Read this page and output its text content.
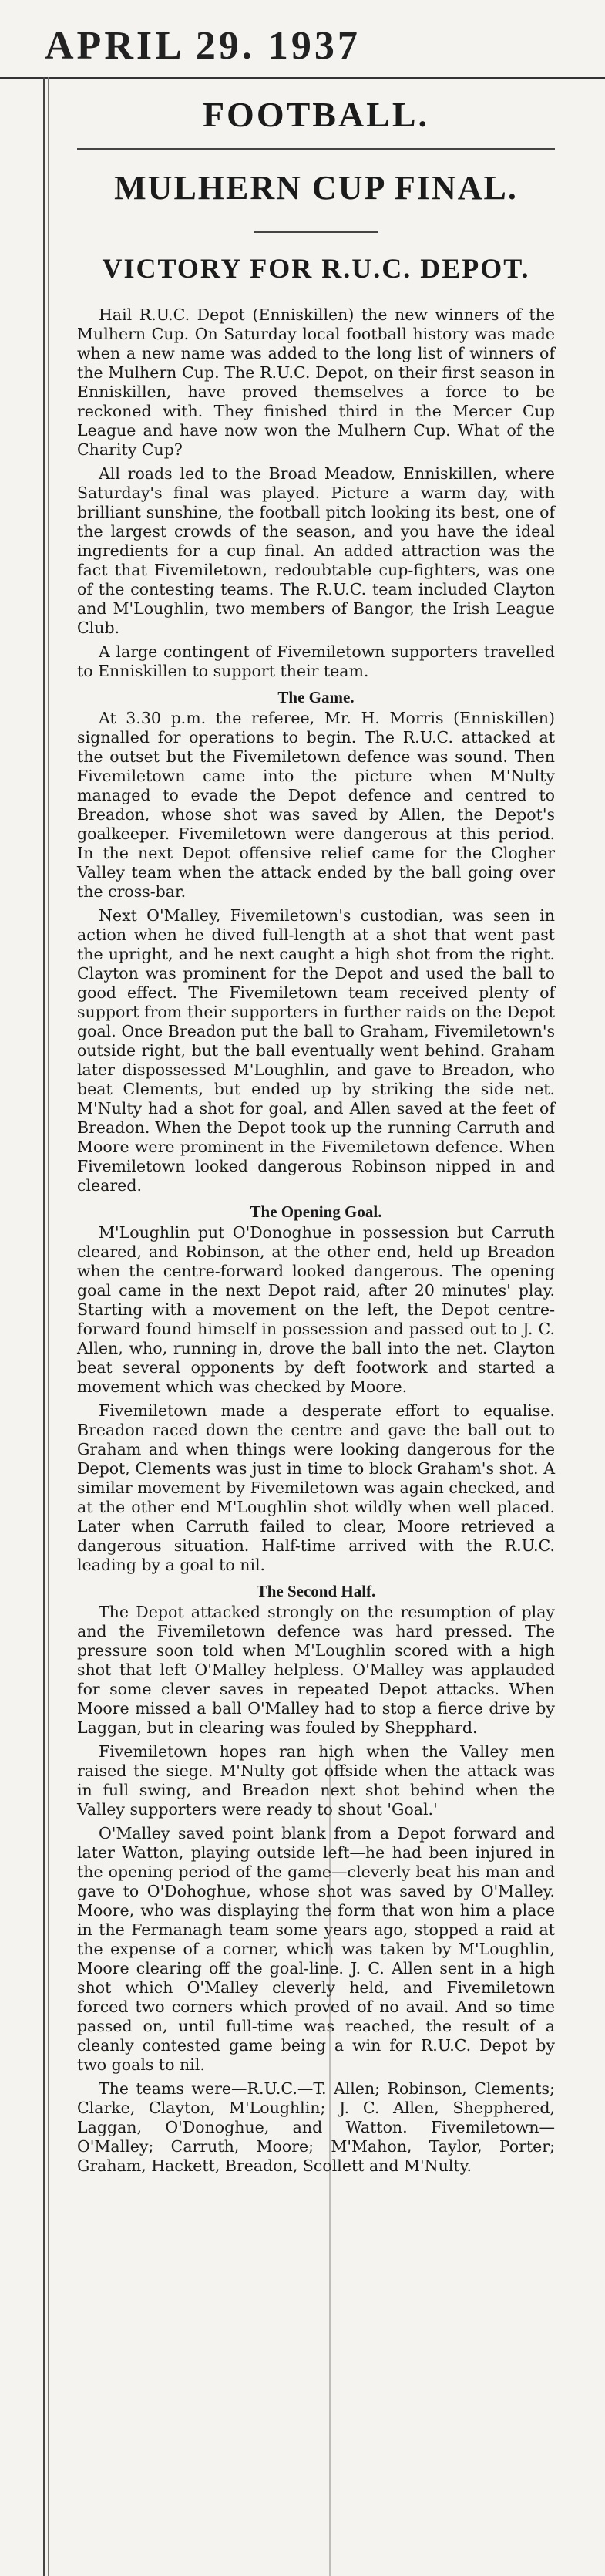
APRIL 29. 1937
FOOTBALL.
MULHERN CUP FINAL.
VICTORY FOR R.U.C. DEPOT.

Hail R.U.C. Depot (Enniskillen) the new winners of the Mulhern Cup. On Saturday local football history was made when a new name was added to the long list of winners of the Mulhern Cup. The R.U.C. Depot, on their first season in Enniskillen, have proved themselves a force to be reckoned with. They finished third in the Mercer Cup League and have now won the Mulhern Cup. What of the Charity Cup?

All roads led to the Broad Meadow, Enniskillen, where Saturday's final was played. Picture a warm day, with brilliant sunshine, the football pitch looking its best, one of the largest crowds of the season, and you have the ideal ingredients for a cup final. An added attraction was the fact that Fivemiletown, redoubtable cup-fighters, was one of the contesting teams. The R.U.C. team included Clayton and M'Loughlin, two members of Bangor, the Irish League Club.

A large contingent of Fivemiletown supporters travelled to Enniskillen to support their team.

The Game.

At 3.30 p.m. the referee, Mr. H. Morris (Enniskillen) signalled for operations to begin. The R.U.C. attacked at the outset but the Fivemiletown defence was sound. Then Fivemiletown came into the picture when M'Nulty managed to evade the Depot defence and centred to Breadon, whose shot was saved by Allen, the Depot's goalkeeper. Fivemiletown were dangerous at this period. In the next Depot offensive relief came for the Clogher Valley team when the attack ended by the ball going over the cross-bar.

Next O'Malley, Fivemiletown's custodian, was seen in action when he dived full-length at a shot that went past the upright, and he next caught a high shot from the right. Clayton was prominent for the Depot and used the ball to good effect. The Fivemiletown team received plenty of support from their supporters in further raids on the Depot goal. Once Breadon put the ball to Graham, Fivemiletown's outside right, but the ball eventually went behind. Graham later dispossessed M'Loughlin, and gave to Breadon, who beat Clements, but ended up by striking the side net. M'Nulty had a shot for goal, and Allen saved at the feet of Breadon. When the Depot took up the running Carruth and Moore were prominent in the Fivemiletown defence. When Fivemiletown looked dangerous Robinson nipped in and cleared.

The Opening Goal.

M'Loughlin put O'Donoghue in possession but Carruth cleared, and Robinson, at the other end, held up Breadon when the centre-forward looked dangerous. The opening goal came in the next Depot raid, after 20 minutes' play. Starting with a movement on the left, the Depot centre-forward found himself in possession and passed out to J. C. Allen, who, running in, drove the ball into the net. Clayton beat several opponents by deft footwork and started a movement which was checked by Moore.

Fivemiletown made a desperate effort to equalise. Breadon raced down the centre and gave the ball out to Graham and when things were looking dangerous for the Depot, Clements was just in time to block Graham's shot. A similar movement by Fivemiletown was again checked, and at the other end M'Loughlin shot wildly when well placed. Later when Carruth failed to clear, Moore retrieved a dangerous situation. Half-time arrived with the R.U.C. leading by a goal to nil.

The Second Half.

The Depot attacked strongly on the resumption of play and the Fivemiletown defence was hard pressed. The pressure soon told when M'Loughlin scored with a high shot that left O'Malley helpless. O'Malley was applauded for some clever saves in repeated Depot attacks. When Moore missed a ball O'Malley had to stop a fierce drive by Laggan, but in clearing was fouled by Shepphard.

Fivemiletown hopes ran high when the Valley men raised the siege. M'Nulty got offside when the attack was in full swing, and Breadon next shot behind when the Valley supporters were ready to shout 'Goal.'

O'Malley saved point blank from a Depot forward and later Watton, playing outside left—he had been injured in the opening period of the game—cleverly beat his man and gave to O'Dohoghue, whose shot was saved by O'Malley. Moore, who was displaying the form that won him a place in the Fermanagh team some years ago, stopped a raid at the expense of a corner, which was taken by M'Loughlin, Moore clearing off the goal-line. J. C. Allen sent in a high shot which O'Malley cleverly held, and Fivemiletown forced two corners which proved of no avail. And so time passed on, until full-time was reached, the result of a cleanly contested game being a win for R.U.C. Depot by two goals to nil.

The teams were—R.U.C.—T. Allen; Robinson, Clements; Clarke, Clayton, M'Loughlin; J. C. Allen, Shepphered, Laggan, O'Donoghue, and Watton. Fivemiletown—O'Malley; Carruth, Moore; M'Mahon, Taylor, Porter; Graham, Hackett, Breadon, Scollett and M'Nulty.
